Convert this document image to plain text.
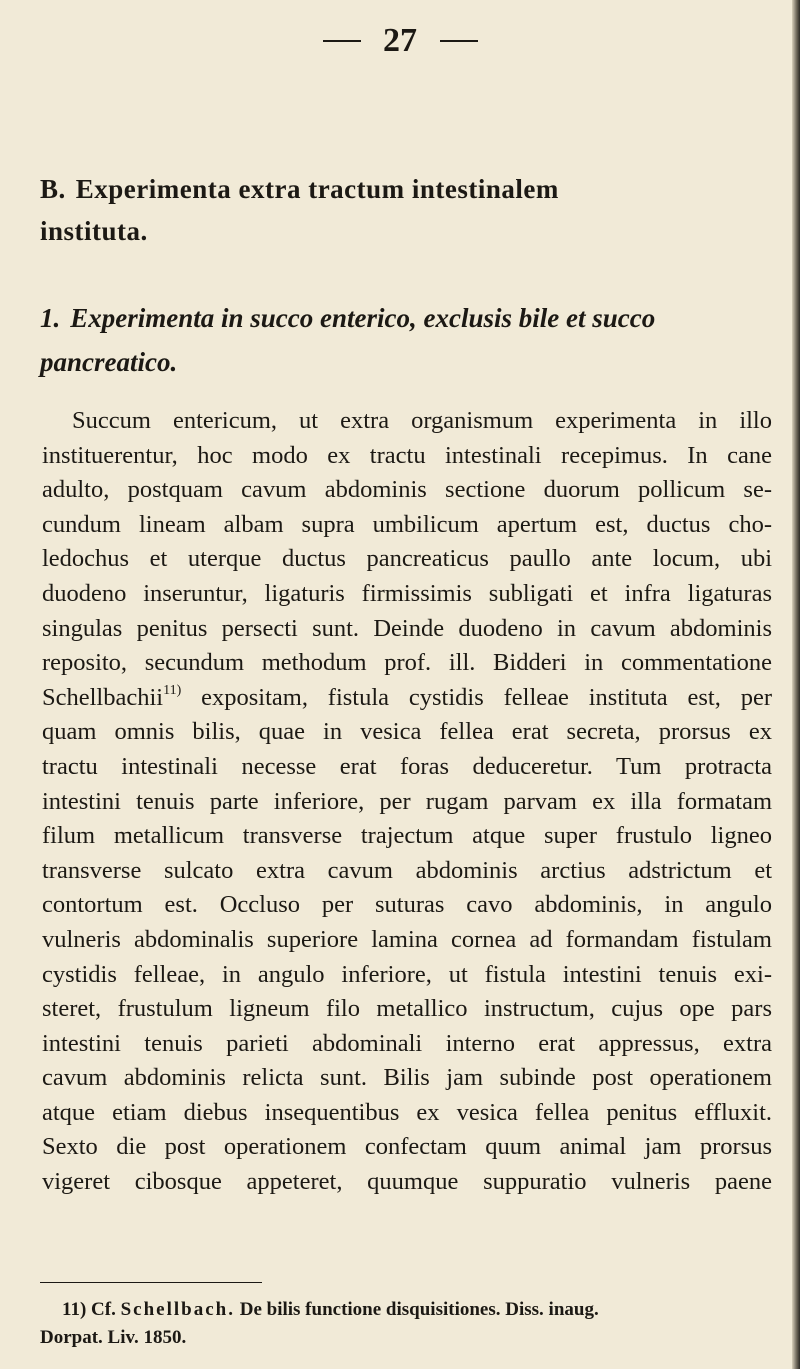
27
B. Experimenta extra tractum intestinalem
instituta.
1. Experimenta in succo enterico, exclusis bile et succo
pancreatico.
Succum entericum, ut extra organismum experimenta in illo
instituerentur, hoc modo ex tractu intestinali recepimus. In cane
adulto, postquam cavum abdominis sectione duorum pollicum se-
cundum lineam albam supra umbilicum apertum est, ductus cho-
ledochus et uterque ductus pancreaticus paullo ante locum, ubi
duodeno inseruntur, ligaturis firmissimis subligati et infra ligaturas
singulas penitus persecti sunt. Deinde duodeno in cavum abdominis
reposito, secundum methodum prof. ill. Bidderi in commentatione
Schellbachii$^{11)}$ expositam, fistula cystidis felleae instituta est, per
quam omnis bilis, quae in vesica fellea erat secreta, prorsus ex
tractu intestinali necesse erat foras deduceretur. Tum protracta
intestini tenuis parte inferiore, per rugam parvam ex illa formatam
filum metallicum transverse trajectum atque super frustulo ligneo
transverse sulcato extra cavum abdominis arctius adstrictum et
contortum est. Occluso per suturas cavo abdominis, in angulo
vulneris abdominalis superiore lamina cornea ad formandam fistulam
cystidis felleae, in angulo inferiore, ut fistula intestini tenuis exi-
steret, frustulum ligneum filo metallico instructum, cujus ope pars
intestini tenuis parieti abdominali interno erat appressus, extra
cavum abdominis relicta sunt. Bilis jam subinde post operationem
atque etiam diebus insequentibus ex vesica fellea penitus effluxit.
Sexto die post operationem confectam quum animal jam prorsus
vigeret cibosque appeteret, quumque suppuratio vulneris paene
11) Cf. Schellbach. De bilis functione disquisitiones. Diss. inaug.
Dorpat. Liv. 1850.
